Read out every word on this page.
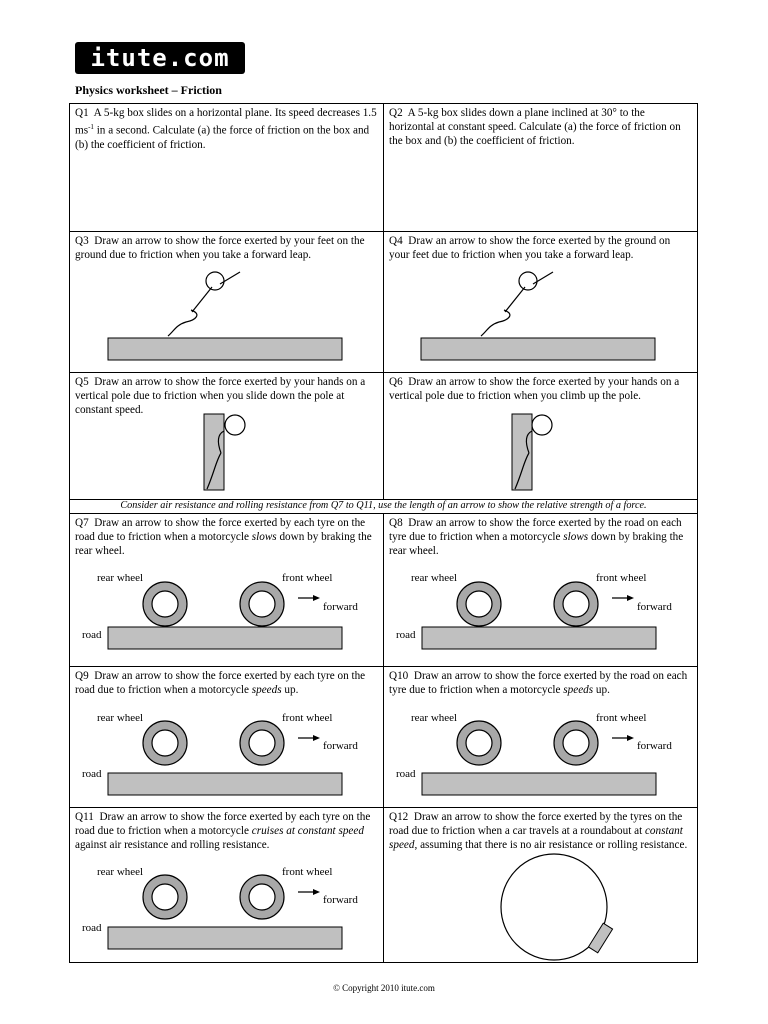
itute.com
Physics worksheet – Friction
Q1 A 5-kg box slides on a horizontal plane. Its speed decreases 1.5 $ms^{-1}$ in a second. Calculate (a) the force of friction on the box and (b) the coefficient of friction.
Q2 A 5-kg box slides down a plane inclined at 30° to the horizontal at constant speed. Calculate (a) the force of friction on the box and (b) the coefficient of friction.
Q3 Draw an arrow to show the force exerted by your feet on the ground due to friction when you take a forward leap.
Q4 Draw an arrow to show the force exerted by the ground on your feet due to friction when you take a forward leap.
Q5 Draw an arrow to show the force exerted by your hands on a vertical pole due to friction when you slide down the pole at constant speed.
Q6 Draw an arrow to show the force exerted by your hands on a vertical pole due to friction when you climb up the pole.
Consider air resistance and rolling resistance from Q7 to Q11, use the length of an arrow to show the relative strength of a force.
Q7 Draw an arrow to show the force exerted by each tyre on the road due to friction when a motorcycle slows down by braking the rear wheel.
rear wheel	front wheel
forward
road
Q8 Draw an arrow to show the force exerted by the road on each tyre due to friction when a motorcycle slows down by braking the rear wheel.
rear wheel	front wheel
forward
road
Q9 Draw an arrow to show the force exerted by each tyre on the road due to friction when a motorcycle speeds up.
rear wheel	front wheel
forward
road
Q10 Draw an arrow to show the force exerted by the road on each tyre due to friction when a motorcycle speeds up.
rear wheel	front wheel
forward
road
Q11 Draw an arrow to show the force exerted by each tyre on the road due to friction when a motorcycle cruises at constant speed against air resistance and rolling resistance.
rear wheel	front wheel
forward
road
Q12 Draw an arrow to show the force exerted by the tyres on the road due to friction when a car travels at a roundabout at constant speed, assuming that there is no air resistance or rolling resistance.
© Copyright 2010 itute.com
